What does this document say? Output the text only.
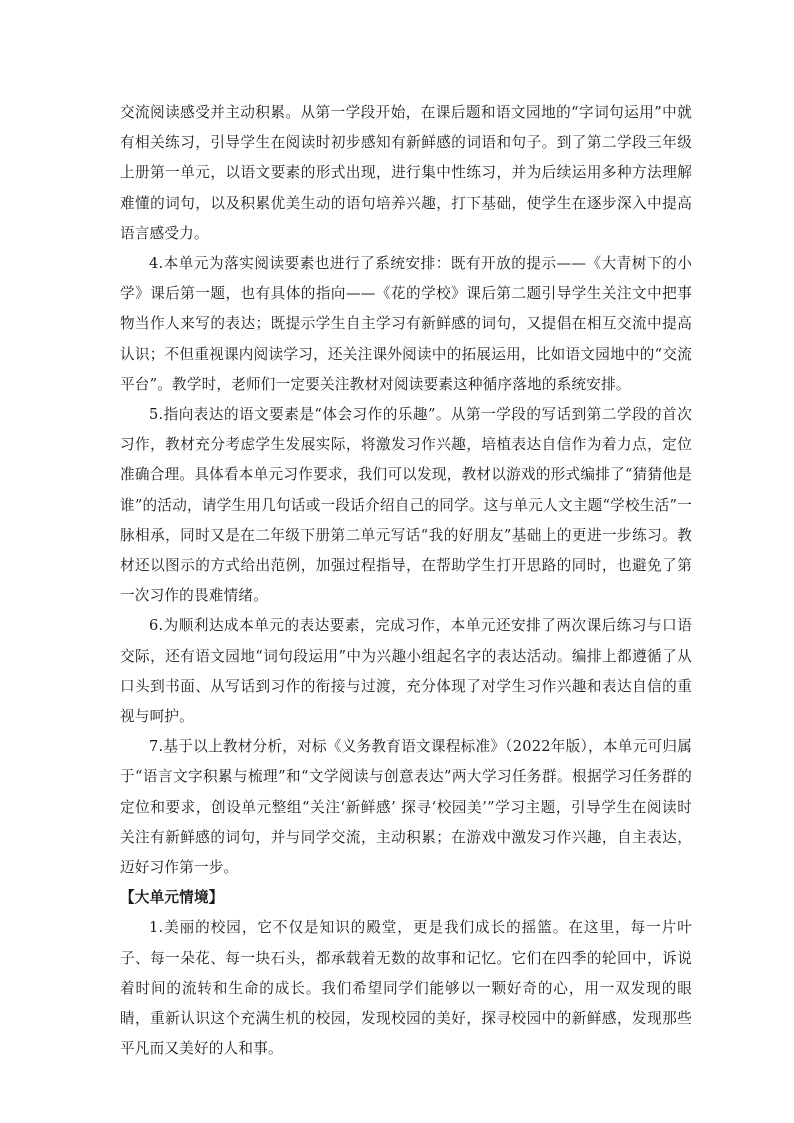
交流阅读感受并主动积累。从第一学段开始，在课后题和语文园地的“字词句运用”中就有相关练习，引导学生在阅读时初步感知有新鲜感的词语和句子。到了第二学段三年级上册第一单元，以语文要素的形式出现，进行集中性练习，并为后续运用多种方法理解难懂的词句，以及积累优美生动的语句培养兴趣，打下基础，使学生在逐步深入中提高语言感受力。

4.本单元为落实阅读要素也进行了系统安排：既有开放的提示——《大青树下的小学》课后第一题，也有具体的指向——《花的学校》课后第二题引导学生关注文中把事物当作人来写的表达；既提示学生自主学习有新鲜感的词句，又提倡在相互交流中提高认识；不但重视课内阅读学习，还关注课外阅读中的拓展运用，比如语文园地中的“交流平台”。教学时，老师们一定要关注教材对阅读要素这种循序落地的系统安排。

5.指向表达的语文要素是“体会习作的乐趣”。从第一学段的写话到第二学段的首次习作，教材充分考虑学生发展实际，将激发习作兴趣，培植表达自信作为着力点，定位准确合理。具体看本单元习作要求，我们可以发现，教材以游戏的形式编排了“猜猜他是谁”的活动，请学生用几句话或一段话介绍自己的同学。这与单元人文主题“学校生活”一脉相承，同时又是在二年级下册第二单元写话“我的好朋友”基础上的更进一步练习。教材还以图示的方式给出范例，加强过程指导，在帮助学生打开思路的同时，也避免了第一次习作的畏难情绪。

6.为顺利达成本单元的表达要素，完成习作，本单元还安排了两次课后练习与口语交际，还有语文园地“词句段运用”中为兴趣小组起名字的表达活动。编排上都遵循了从口头到书面、从写话到习作的衔接与过渡，充分体现了对学生习作兴趣和表达自信的重视与呵护。

7.基于以上教材分析，对标《义务教育语文课程标准》（2022年版），本单元可归属于“语言文字积累与梳理”和“文学阅读与创意表达”两大学习任务群。根据学习任务群的定位和要求，创设单元整组“关注‘新鲜感’ 探寻‘校园美’”学习主题，引导学生在阅读时关注有新鲜感的词句，并与同学交流，主动积累；在游戏中激发习作兴趣，自主表达，迈好习作第一步。

【大单元情境】

1.美丽的校园，它不仅是知识的殿堂，更是我们成长的摇篮。在这里，每一片叶子、每一朵花、每一块石头，都承载着无数的故事和记忆。它们在四季的轮回中，诉说着时间的流转和生命的成长。我们希望同学们能够以一颗好奇的心，用一双发现的眼睛，重新认识这个充满生机的校园，发现校园的美好，探寻校园中的新鲜感，发现那些平凡而又美好的人和事。
